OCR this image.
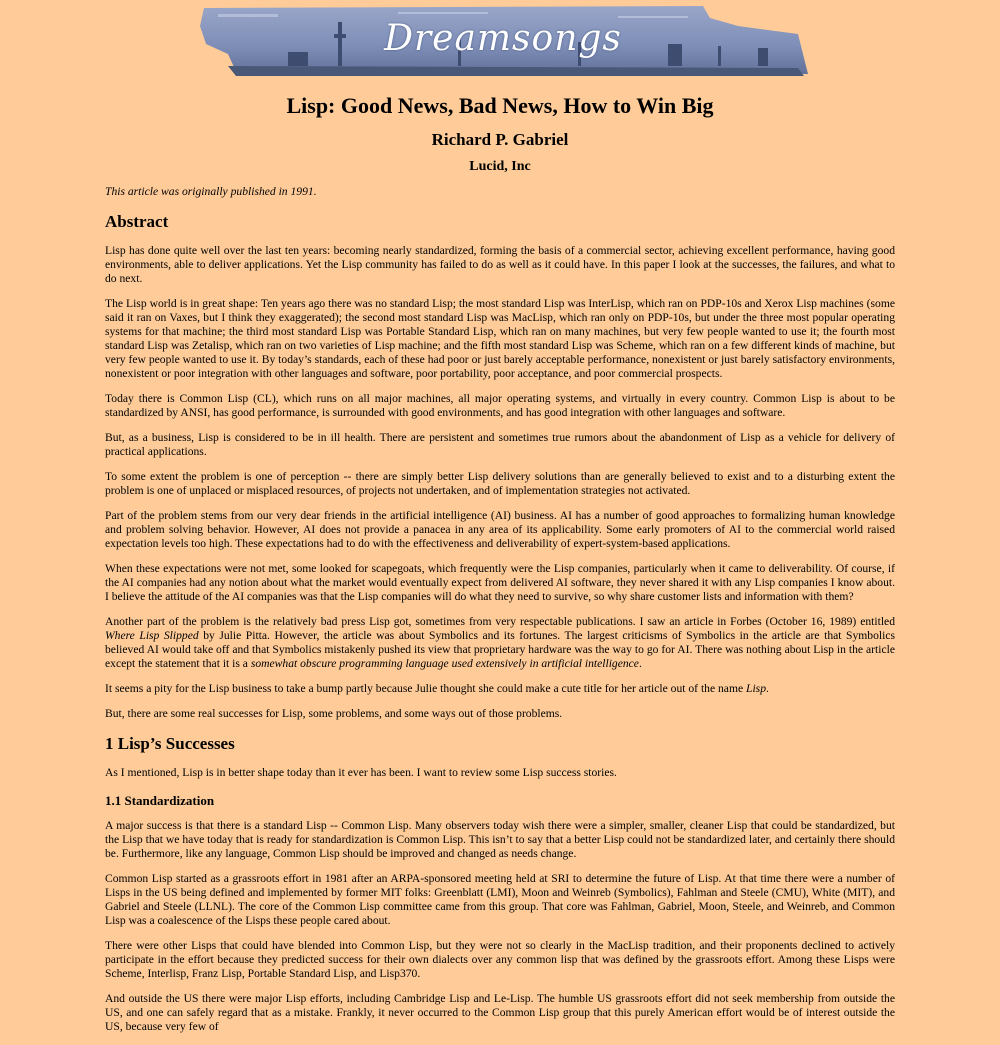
Dreamsongs
Lisp: Good News, Bad News, How to Win Big
Richard P. Gabriel
Lucid, Inc

This article was originally published in 1991.

Abstract

Lisp has done quite well over the last ten years: becoming nearly standardized, forming the basis of a commercial sector, achieving excellent performance, having good environments, able to deliver applications. Yet the Lisp community has failed to do as well as it could have. In this paper I look at the successes, the failures, and what to do next.

The Lisp world is in great shape: Ten years ago there was no standard Lisp; the most standard Lisp was InterLisp, which ran on PDP-10s and Xerox Lisp machines (some said it ran on Vaxes, but I think they exaggerated); the second most standard Lisp was MacLisp, which ran only on PDP-10s, but under the three most popular operating systems for that machine; the third most standard Lisp was Portable Standard Lisp, which ran on many machines, but very few people wanted to use it; the fourth most standard Lisp was Zetalisp, which ran on two varieties of Lisp machine; and the fifth most standard Lisp was Scheme, which ran on a few different kinds of machine, but very few people wanted to use it. By today’s standards, each of these had poor or just barely acceptable performance, nonexistent or just barely satisfactory environments, nonexistent or poor integration with other languages and software, poor portability, poor acceptance, and poor commercial prospects.

Today there is Common Lisp (CL), which runs on all major machines, all major operating systems, and virtually in every country. Common Lisp is about to be standardized by ANSI, has good performance, is surrounded with good environments, and has good integration with other languages and software.

But, as a business, Lisp is considered to be in ill health. There are persistent and sometimes true rumors about the abandonment of Lisp as a vehicle for delivery of practical applications.

To some extent the problem is one of perception -- there are simply better Lisp delivery solutions than are generally believed to exist and to a disturbing extent the problem is one of unplaced or misplaced resources, of projects not undertaken, and of implementation strategies not activated.

Part of the problem stems from our very dear friends in the artificial intelligence (AI) business. AI has a number of good approaches to formalizing human knowledge and problem solving behavior. However, AI does not provide a panacea in any area of its applicability. Some early promoters of AI to the commercial world raised expectation levels too high. These expectations had to do with the effectiveness and deliverability of expert-system-based applications.

When these expectations were not met, some looked for scapegoats, which frequently were the Lisp companies, particularly when it came to deliverability. Of course, if the AI companies had any notion about what the market would eventually expect from delivered AI software, they never shared it with any Lisp companies I know about. I believe the attitude of the AI companies was that the Lisp companies will do what they need to survive, so why share customer lists and information with them?

Another part of the problem is the relatively bad press Lisp got, sometimes from very respectable publications. I saw an article in Forbes (October 16, 1989) entitled Where Lisp Slipped by Julie Pitta. However, the article was about Symbolics and its fortunes. The largest criticisms of Symbolics in the article are that Symbolics believed AI would take off and that Symbolics mistakenly pushed its view that proprietary hardware was the way to go for AI. There was nothing about Lisp in the article except the statement that it is a somewhat obscure programming language used extensively in artificial intelligence.

It seems a pity for the Lisp business to take a bump partly because Julie thought she could make a cute title for her article out of the name Lisp.

But, there are some real successes for Lisp, some problems, and some ways out of those problems.

1 Lisp’s Successes

As I mentioned, Lisp is in better shape today than it ever has been. I want to review some Lisp success stories.

1.1 Standardization

A major success is that there is a standard Lisp -- Common Lisp. Many observers today wish there were a simpler, smaller, cleaner Lisp that could be standardized, but the Lisp that we have today that is ready for standardization is Common Lisp. This isn’t to say that a better Lisp could not be standardized later, and certainly there should be. Furthermore, like any language, Common Lisp should be improved and changed as needs change.

Common Lisp started as a grassroots effort in 1981 after an ARPA-sponsored meeting held at SRI to determine the future of Lisp. At that time there were a number of Lisps in the US being defined and implemented by former MIT folks: Greenblatt (LMI), Moon and Weinreb (Symbolics), Fahlman and Steele (CMU), White (MIT), and Gabriel and Steele (LLNL). The core of the Common Lisp committee came from this group. That core was Fahlman, Gabriel, Moon, Steele, and Weinreb, and Common Lisp was a coalescence of the Lisps these people cared about.

There were other Lisps that could have blended into Common Lisp, but they were not so clearly in the MacLisp tradition, and their proponents declined to actively participate in the effort because they predicted success for their own dialects over any common lisp that was defined by the grassroots effort. Among these Lisps were Scheme, Interlisp, Franz Lisp, Portable Standard Lisp, and Lisp370.

And outside the US there were major Lisp efforts, including Cambridge Lisp and Le-Lisp. The humble US grassroots effort did not seek membership from outside the US, and one can safely regard that as a mistake. Frankly, it never occurred to the Common Lisp group that this purely American effort would be of interest outside the US, because very few of
